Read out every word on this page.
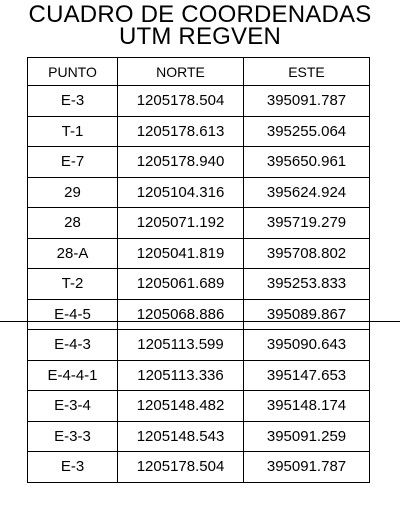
CUADRO DE COORDENADAS
UTM REGVEN
PUNTO	NORTE	ESTE
E-3	1205178.504	395091.787
T-1	1205178.613	395255.064
E-7	1205178.940	395650.961
29	1205104.316	395624.924
28	1205071.192	395719.279
28-A	1205041.819	395708.802
T-2	1205061.689	395253.833
E-4-5	1205068.886	395089.867
E-4-3	1205113.599	395090.643
E-4-4-1	1205113.336	395147.653
E-3-4	1205148.482	395148.174
E-3-3	1205148.543	395091.259
E-3	1205178.504	395091.787
